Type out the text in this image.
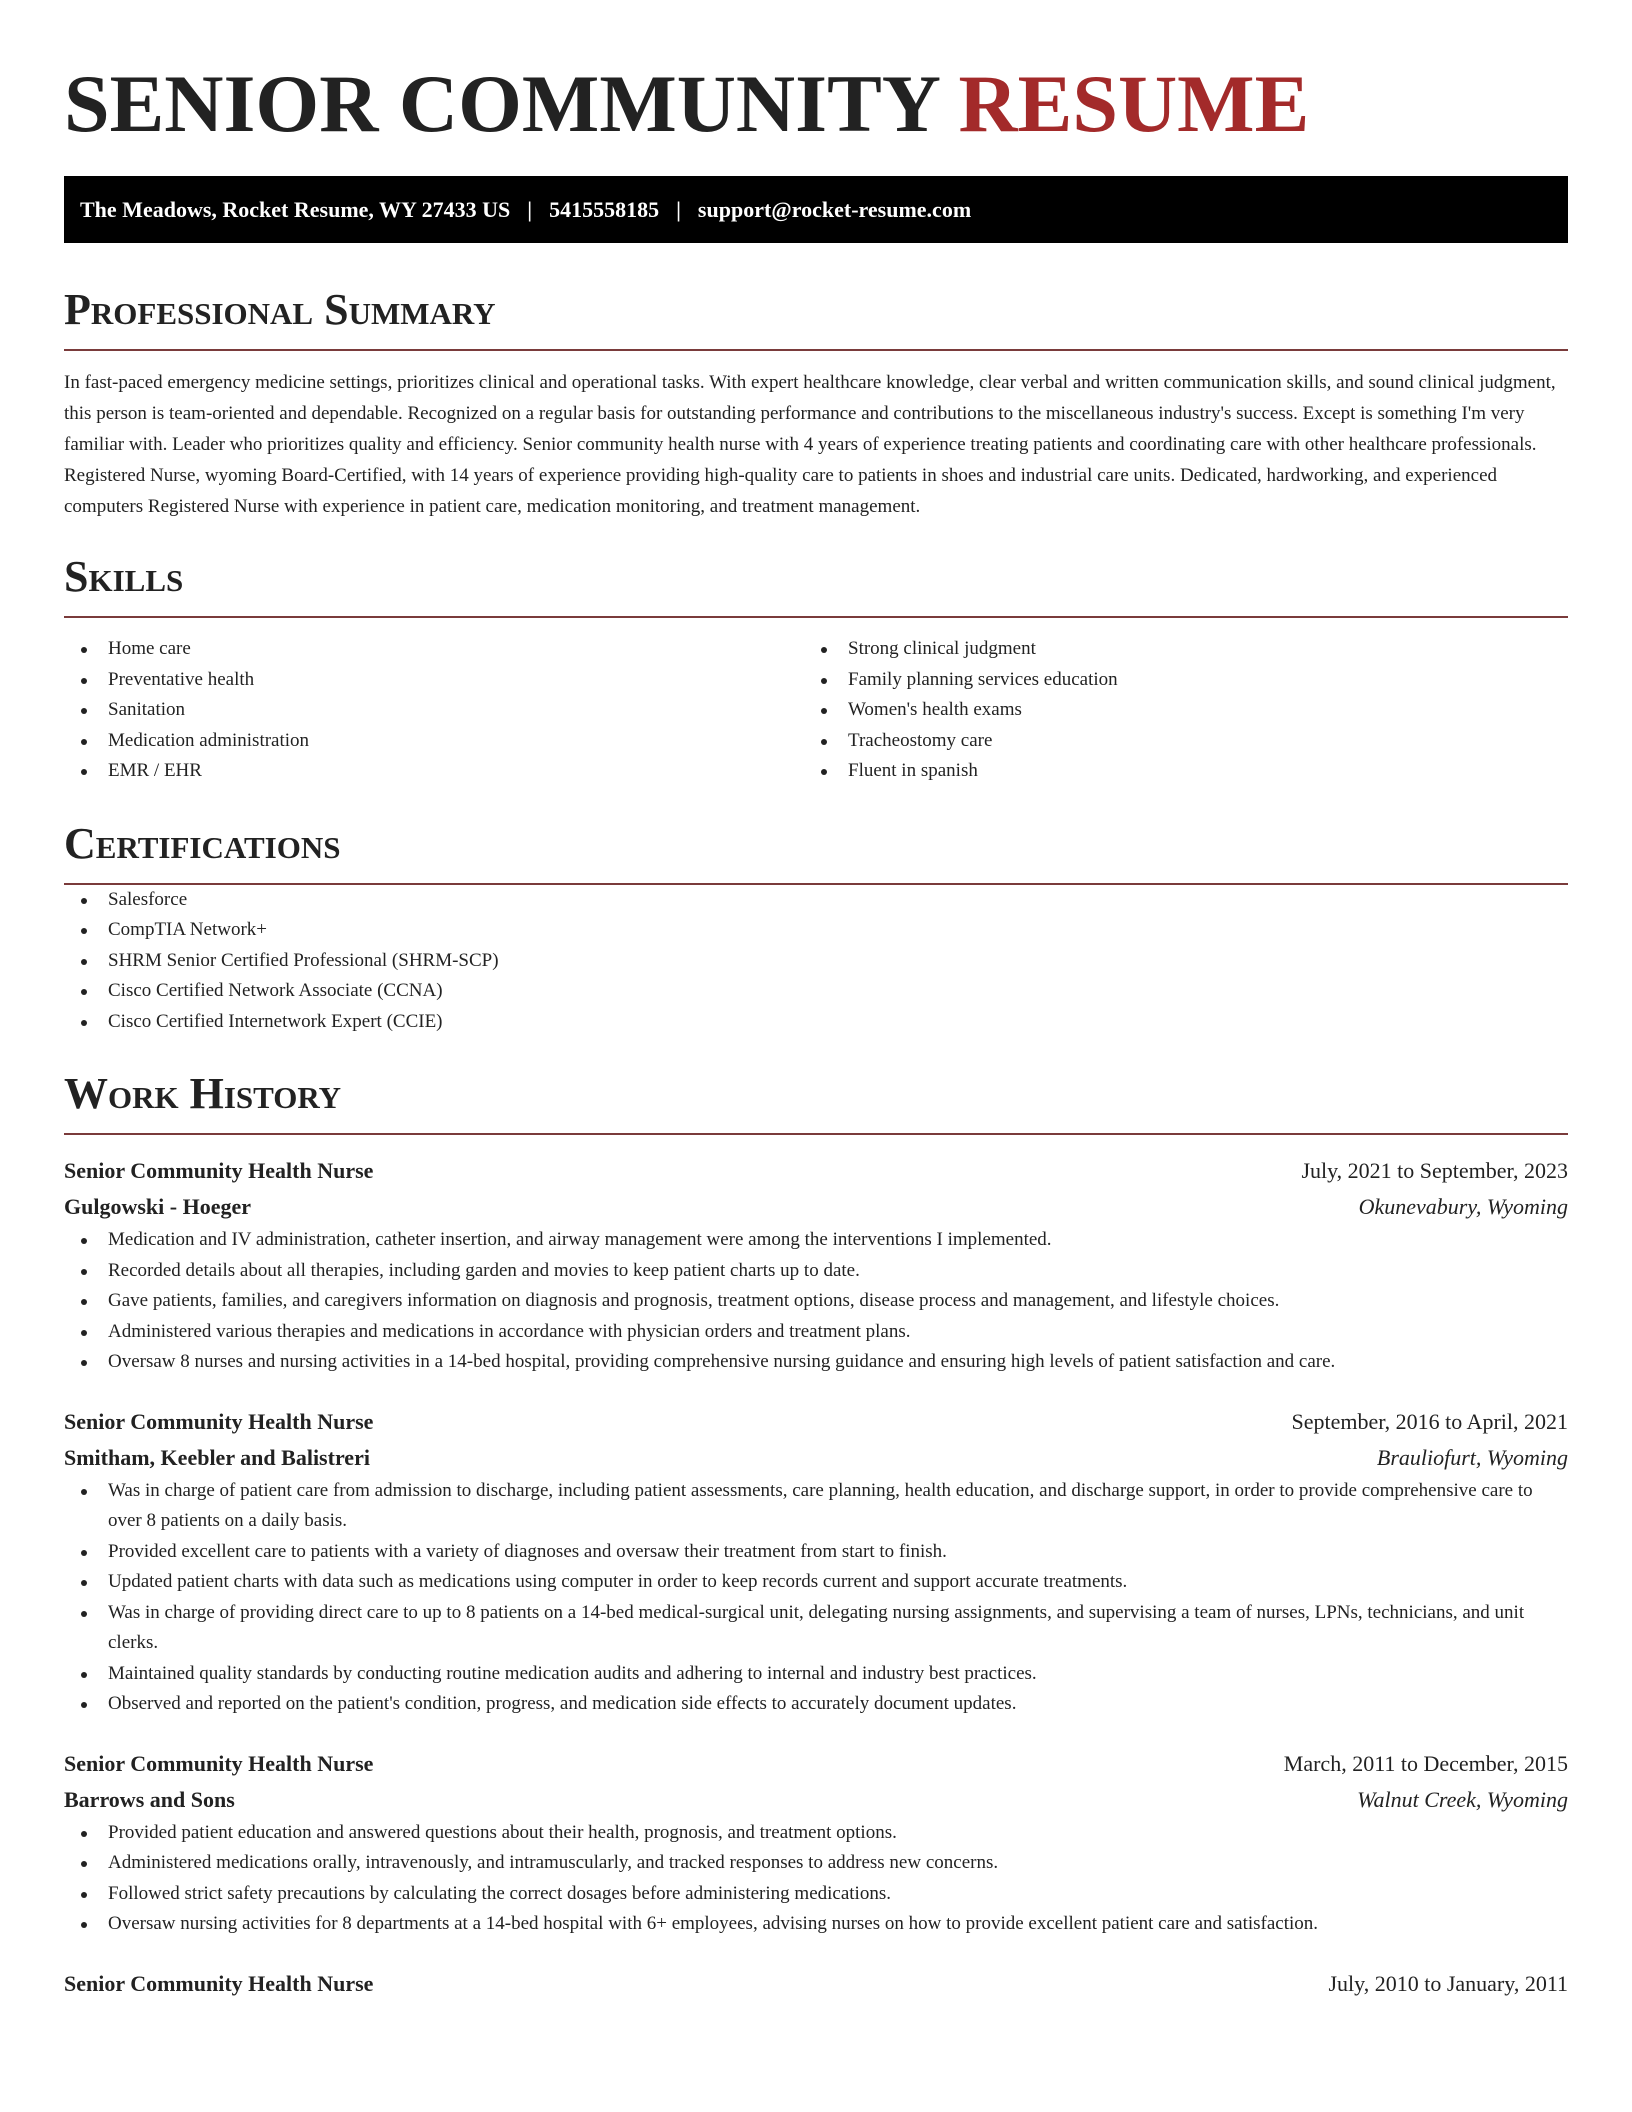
SENIOR COMMUNITY RESUME
The Meadows, Rocket Resume, WY 27433 US | 5415558185 | support@rocket-resume.com
Professional Summary

In fast-paced emergency medicine settings, prioritizes clinical and operational tasks. With expert healthcare knowledge, clear verbal and written communication skills, and sound clinical judgment, this person is team-oriented and dependable. Recognized on a regular basis for outstanding performance and contributions to the miscellaneous industry's success. Except is something I'm very familiar with. Leader who prioritizes quality and efficiency. Senior community health nurse with 4 years of experience treating patients and coordinating care with other healthcare professionals. Registered Nurse, wyoming Board-Certified, with 14 years of experience providing high-quality care to patients in shoes and industrial care units. Dedicated, hardworking, and experienced computers Registered Nurse with experience in patient care, medication monitoring, and treatment management.

Skills
Home care
Preventative health
Sanitation
Medication administration
EMR / EHR
Strong clinical judgment
Family planning services education
Women's health exams
Tracheostomy care
Fluent in spanish
Certifications
Salesforce
CompTIA Network+
SHRM Senior Certified Professional (SHRM-SCP)
Cisco Certified Network Associate (CCNA)
Cisco Certified Internetwork Expert (CCIE)
Work History
Senior Community Health Nurse	July, 2021 to September, 2023
Gulgowski - Hoeger	Okunevabury, Wyoming
Medication and IV administration, catheter insertion, and airway management were among the interventions I implemented.
Recorded details about all therapies, including garden and movies to keep patient charts up to date.
Gave patients, families, and caregivers information on diagnosis and prognosis, treatment options, disease process and management, and lifestyle choices.
Administered various therapies and medications in accordance with physician orders and treatment plans.
Oversaw 8 nurses and nursing activities in a 14-bed hospital, providing comprehensive nursing guidance and ensuring high levels of patient satisfaction and care.
Senior Community Health Nurse	September, 2016 to April, 2021
Smitham, Keebler and Balistreri	Brauliofurt, Wyoming
Was in charge of patient care from admission to discharge, including patient assessments, care planning, health education, and discharge support, in order to provide comprehensive care to over 8 patients on a daily basis.
Provided excellent care to patients with a variety of diagnoses and oversaw their treatment from start to finish.
Updated patient charts with data such as medications using computer in order to keep records current and support accurate treatments.
Was in charge of providing direct care to up to 8 patients on a 14-bed medical-surgical unit, delegating nursing assignments, and supervising a team of nurses, LPNs, technicians, and unit clerks.
Maintained quality standards by conducting routine medication audits and adhering to internal and industry best practices.
Observed and reported on the patient's condition, progress, and medication side effects to accurately document updates.
Senior Community Health Nurse	March, 2011 to December, 2015
Barrows and Sons	Walnut Creek, Wyoming
Provided patient education and answered questions about their health, prognosis, and treatment options.
Administered medications orally, intravenously, and intramuscularly, and tracked responses to address new concerns.
Followed strict safety precautions by calculating the correct dosages before administering medications.
Oversaw nursing activities for 8 departments at a 14-bed hospital with 6+ employees, advising nurses on how to provide excellent patient care and satisfaction.
Senior Community Health Nurse	July, 2010 to January, 2011
